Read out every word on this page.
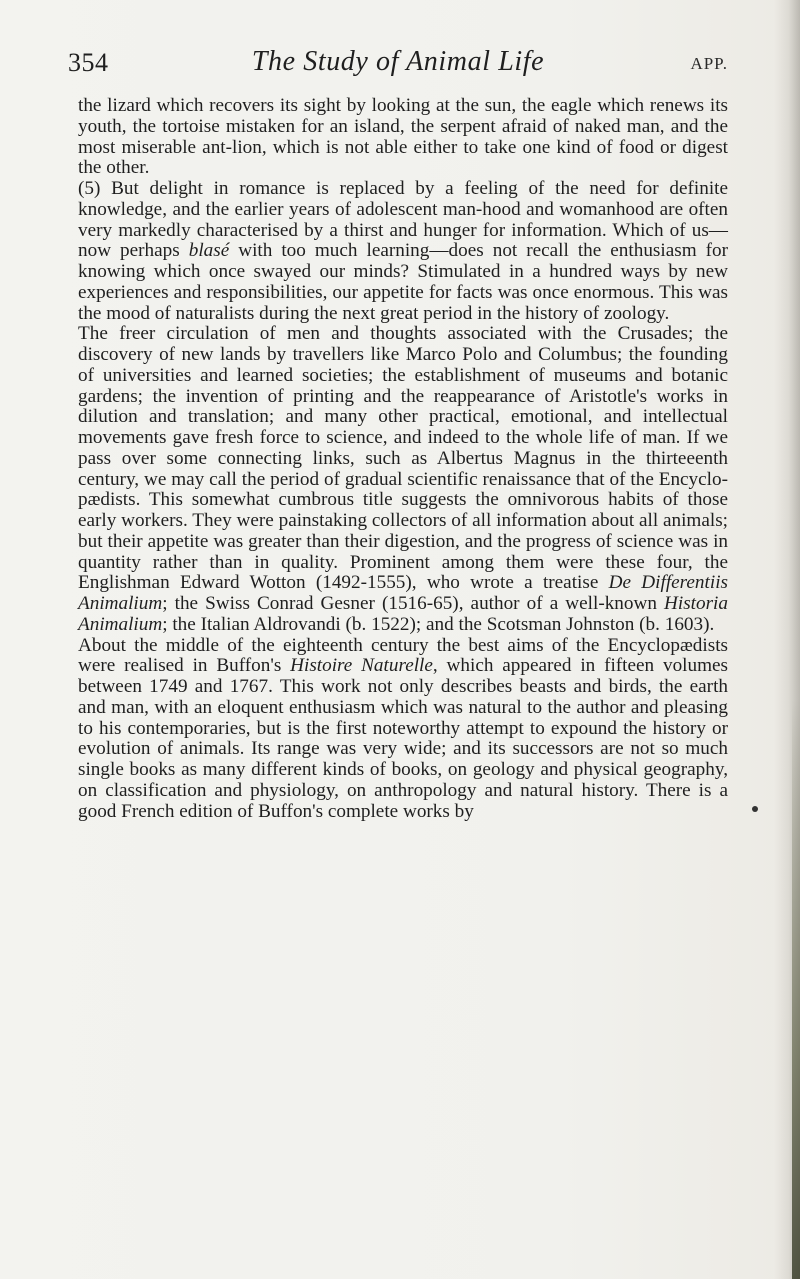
354	The Study of Animal Life	APP.

the lizard which recovers its sight by looking at the sun, the eagle which renews its youth, the tortoise mistaken for an island, the serpent afraid of naked man, and the most miserable ant-lion, which is not able either to take one kind of food or digest the other.

(5) But delight in romance is replaced by a feeling of the need for definite knowledge, and the earlier years of adolescent man-hood and womanhood are often very markedly characterised by a thirst and hunger for information. Which of us—now perhaps blasé with too much learning—does not recall the enthusiasm for knowing which once swayed our minds? Stimulated in a hundred ways by new experiences and responsibilities, our appetite for facts was once enormous. This was the mood of naturalists during the next great period in the history of zoology.

The freer circulation of men and thoughts associated with the Crusades; the discovery of new lands by travellers like Marco Polo and Columbus; the founding of universities and learned societies; the establishment of museums and botanic gardens; the invention of printing and the reappearance of Aristotle's works in dilution and translation; and many other practical, emotional, and intellectual movements gave fresh force to science, and indeed to the whole life of man. If we pass over some connecting links, such as Albertus Magnus in the thirteeenth century, we may call the period of gradual scientific renaissance that of the Encyclo-pædists. This somewhat cumbrous title suggests the omnivorous habits of those early workers. They were painstaking collectors of all information about all animals; but their appetite was greater than their digestion, and the progress of science was in quantity rather than in quality. Prominent among them were these four, the Englishman Edward Wotton (1492-1555), who wrote a treatise De Differentiis Animalium; the Swiss Conrad Gesner (1516-65), author of a well-known Historia Animalium; the Italian Aldrovandi (b. 1522); and the Scotsman Johnston (b. 1603).

About the middle of the eighteenth century the best aims of the Encyclopædists were realised in Buffon's Histoire Naturelle, which appeared in fifteen volumes between 1749 and 1767. This work not only describes beasts and birds, the earth and man, with an eloquent enthusiasm which was natural to the author and pleasing to his contemporaries, but is the first noteworthy attempt to expound the history or evolution of animals. Its range was very wide; and its successors are not so much single books as many different kinds of books, on geology and physical geography, on classification and physiology, on anthropology and natural history. There is a good French edition of Buffon's complete works by
